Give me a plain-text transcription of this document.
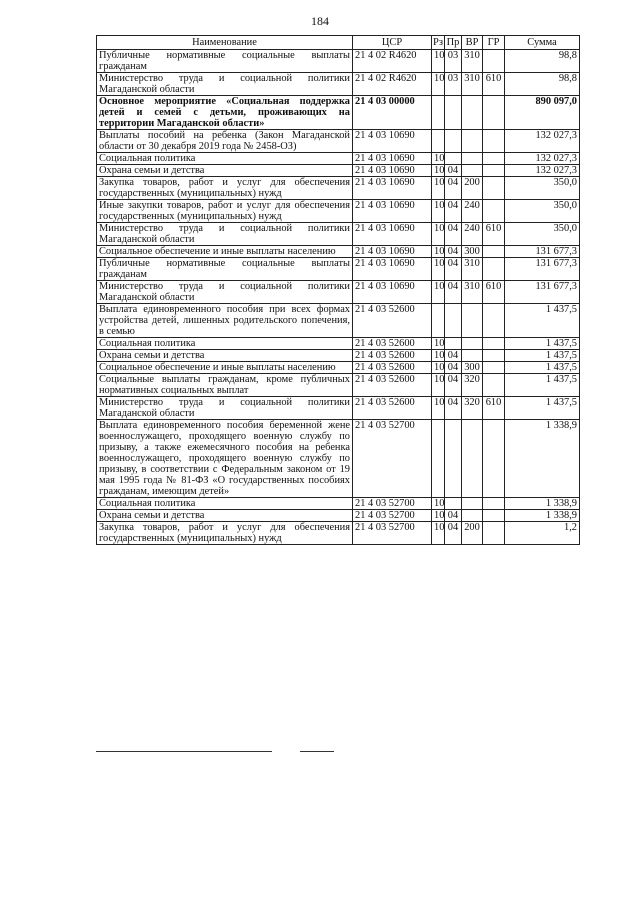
184
Наименование	ЦСР	Рз	Пр	ВР	ГР	Сумма
Публичные нормативные социальные выплаты гражданам	21 4 02 R4620	10	03	310		98,8
Министерство труда и социальной политики Магаданской области	21 4 02 R4620	10	03	310	610	98,8
Основное мероприятие «Социальная поддержка детей и семей с детьми, проживающих на территории Магаданской области»	21 4 03 00000					890 097,0
Выплаты пособий на ребенка (Закон Магаданской области от 30 декабря 2019 года № 2458-ОЗ)	21 4 03 10690					132 027,3
Социальная политика	21 4 03 10690	10				132 027,3
Охрана семьи и детства	21 4 03 10690	10	04			132 027,3
Закупка товаров, работ и услуг для обеспечения государственных (муниципальных) нужд	21 4 03 10690	10	04	200		350,0
Иные закупки товаров, работ и услуг для обеспечения государственных (муниципальных) нужд	21 4 03 10690	10	04	240		350,0
Министерство труда и социальной политики Магаданской области	21 4 03 10690	10	04	240	610	350,0
Социальное обеспечение и иные выплаты населению	21 4 03 10690	10	04	300		131 677,3
Публичные нормативные социальные выплаты гражданам	21 4 03 10690	10	04	310		131 677,3
Министерство труда и социальной политики Магаданской области	21 4 03 10690	10	04	310	610	131 677,3
Выплата единовременного пособия при всех формах устройства детей, лишенных родительского попечения, в семью	21 4 03 52600					1 437,5
Социальная политика	21 4 03 52600	10				1 437,5
Охрана семьи и детства	21 4 03 52600	10	04			1 437,5
Социальное обеспечение и иные выплаты населению	21 4 03 52600	10	04	300		1 437,5
Социальные выплаты гражданам, кроме публичных нормативных социальных выплат	21 4 03 52600	10	04	320		1 437,5
Министерство труда и социальной политики Магаданской области	21 4 03 52600	10	04	320	610	1 437,5
Выплата единовременного пособия беременной жене военнослужащего, проходящего военную службу по призыву, а также ежемесячного пособия на ребенка военнослужащего, проходящего военную службу по призыву, в соответствии с Федеральным законом от 19 мая 1995 года № 81-ФЗ «О государственных пособиях гражданам, имеющим детей»	21 4 03 52700					1 338,9
Социальная политика	21 4 03 52700	10				1 338,9
Охрана семьи и детства	21 4 03 52700	10	04			1 338,9
Закупка товаров, работ и услуг для обеспечения государственных (муниципальных) нужд	21 4 03 52700	10	04	200		1,2
